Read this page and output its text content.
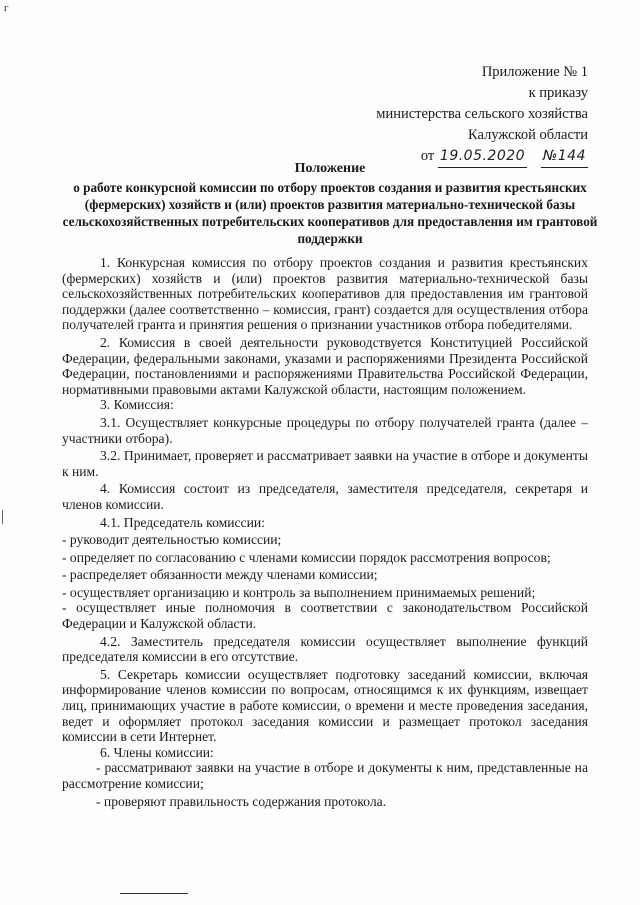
г
Приложение № 1
к приказу
министерства сельского хозяйства
Калужской области
от 19.05.2020 №144
Положение
о работе конкурсной комиссии по отбору проектов создания и развития крестьянских (фермерских) хозяйств и (или) проектов развития материально-технической базы сельскохозяйственных потребительских кооперативов для предоставления им грантовой поддержки

1. Конкурсная комиссия по отбору проектов создания и развития крестьянских (фермерских) хозяйств и (или) проектов развития материально-технической базы сельскохозяйственных потребительских кооперативов для предоставления им грантовой поддержки (далее соответственно – комиссия, грант) создается для осуществления отбора получателей гранта и принятия решения о признании участников отбора победителями.

2. Комиссия в своей деятельности руководствуется Конституцией Российской Федерации, федеральными законами, указами и распоряжениями Президента Российской Федерации, постановлениями и распоряжениями Правительства Российской Федерации, нормативными правовыми актами Калужской области, настоящим положением.

3. Комиссия:

3.1. Осуществляет конкурсные процедуры по отбору получателей гранта (далее – участники отбора).

3.2. Принимает, проверяет и рассматривает заявки на участие в отборе и документы к ним.

4. Комиссия состоит из председателя, заместителя председателя, секретаря и членов комиссии.

4.1. Председатель комиссии:

- руководит деятельностью комиссии;

- определяет по согласованию с членами комиссии порядок рассмотрения вопросов;

- распределяет обязанности между членами комиссии;

- осуществляет организацию и контроль за выполнением принимаемых решений;

- осуществляет иные полномочия в соответствии с законодательством Российской Федерации и Калужской области.

4.2. Заместитель председателя комиссии осуществляет выполнение функций председателя комиссии в его отсутствие.

5. Секретарь комиссии осуществляет подготовку заседаний комиссии, включая информирование членов комиссии по вопросам, относящимся к их функциям, извещает лиц, принимающих участие в работе комиссии, о времени и месте проведения заседания, ведет и оформляет протокол заседания комиссии и размещает протокол заседания комиссии в сети Интернет.

6. Члены комиссии:

- рассматривают заявки на участие в отборе и документы к ним, представленные на рассмотрение комиссии;

- проверяют правильность содержания протокола.
